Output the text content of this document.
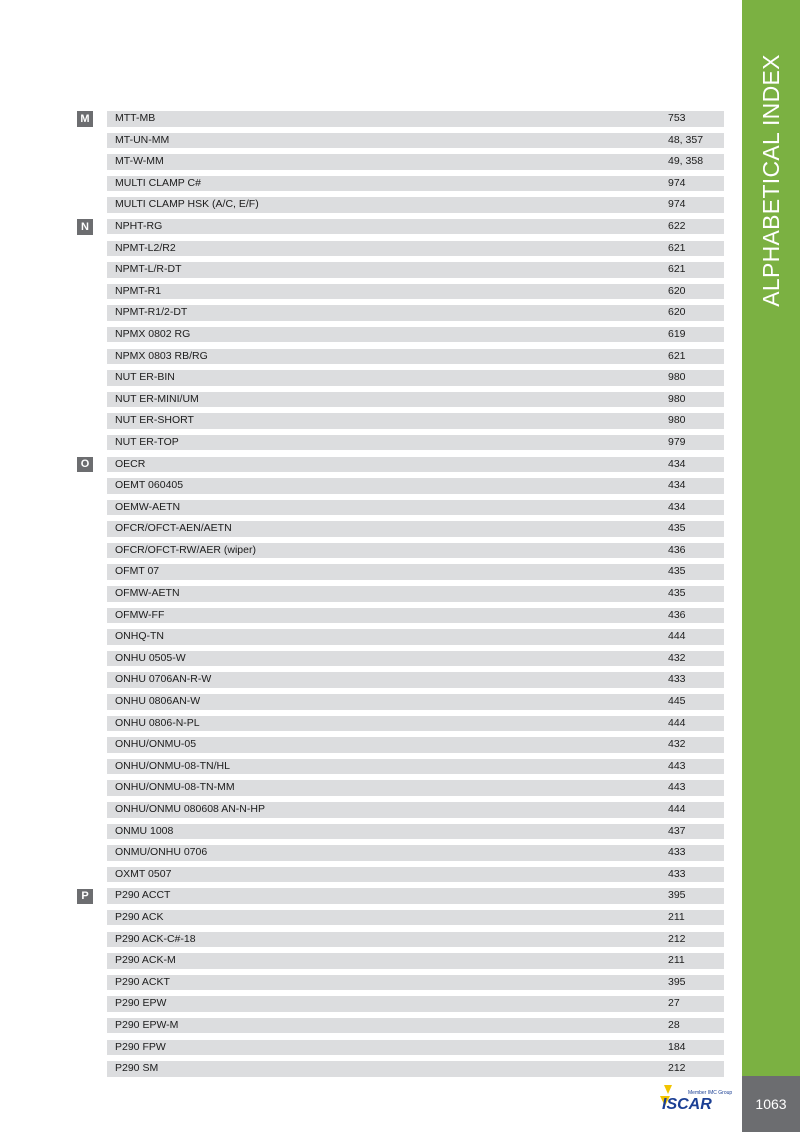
ALPHABETICAL INDEX
1063
M
N
O
P
MTT-MB	753
MT-UN-MM	48, 357
MT-W-MM	49, 358
MULTI CLAMP C#	974
MULTI CLAMP HSK (A/C, E/F)	974
NPHT-RG	622
NPMT-L2/R2	621
NPMT-L/R-DT	621
NPMT-R1	620
NPMT-R1/2-DT	620
NPMX 0802 RG	619
NPMX 0803 RB/RG	621
NUT ER-BIN	980
NUT ER-MINI/UM	980
NUT ER-SHORT	980
NUT ER-TOP	979
OECR	434
OEMT 060405	434
OEMW-AETN	434
OFCR/OFCT-AEN/AETN	435
OFCR/OFCT-RW/AER (wiper)	436
OFMT 07	435
OFMW-AETN	435
OFMW-FF	436
ONHQ-TN	444
ONHU 0505-W	432
ONHU 0706AN-R-W	433
ONHU 0806AN-W	445
ONHU 0806-N-PL	444
ONHU/ONMU-05	432
ONHU/ONMU-08-TN/HL	443
ONHU/ONMU-08-TN-MM	443
ONHU/ONMU 080608 AN-N-HP	444
ONMU 1008	437
ONMU/ONHU 0706	433
OXMT 0507	433
P290 ACCT	395
P290 ACK	211
P290 ACK-C#-18	212
P290 ACK-M	211
P290 ACKT	395
P290 EPW	27
P290 EPW-M	28
P290 FPW	184
P290 SM	212
ISCAR
Member IMC Group
